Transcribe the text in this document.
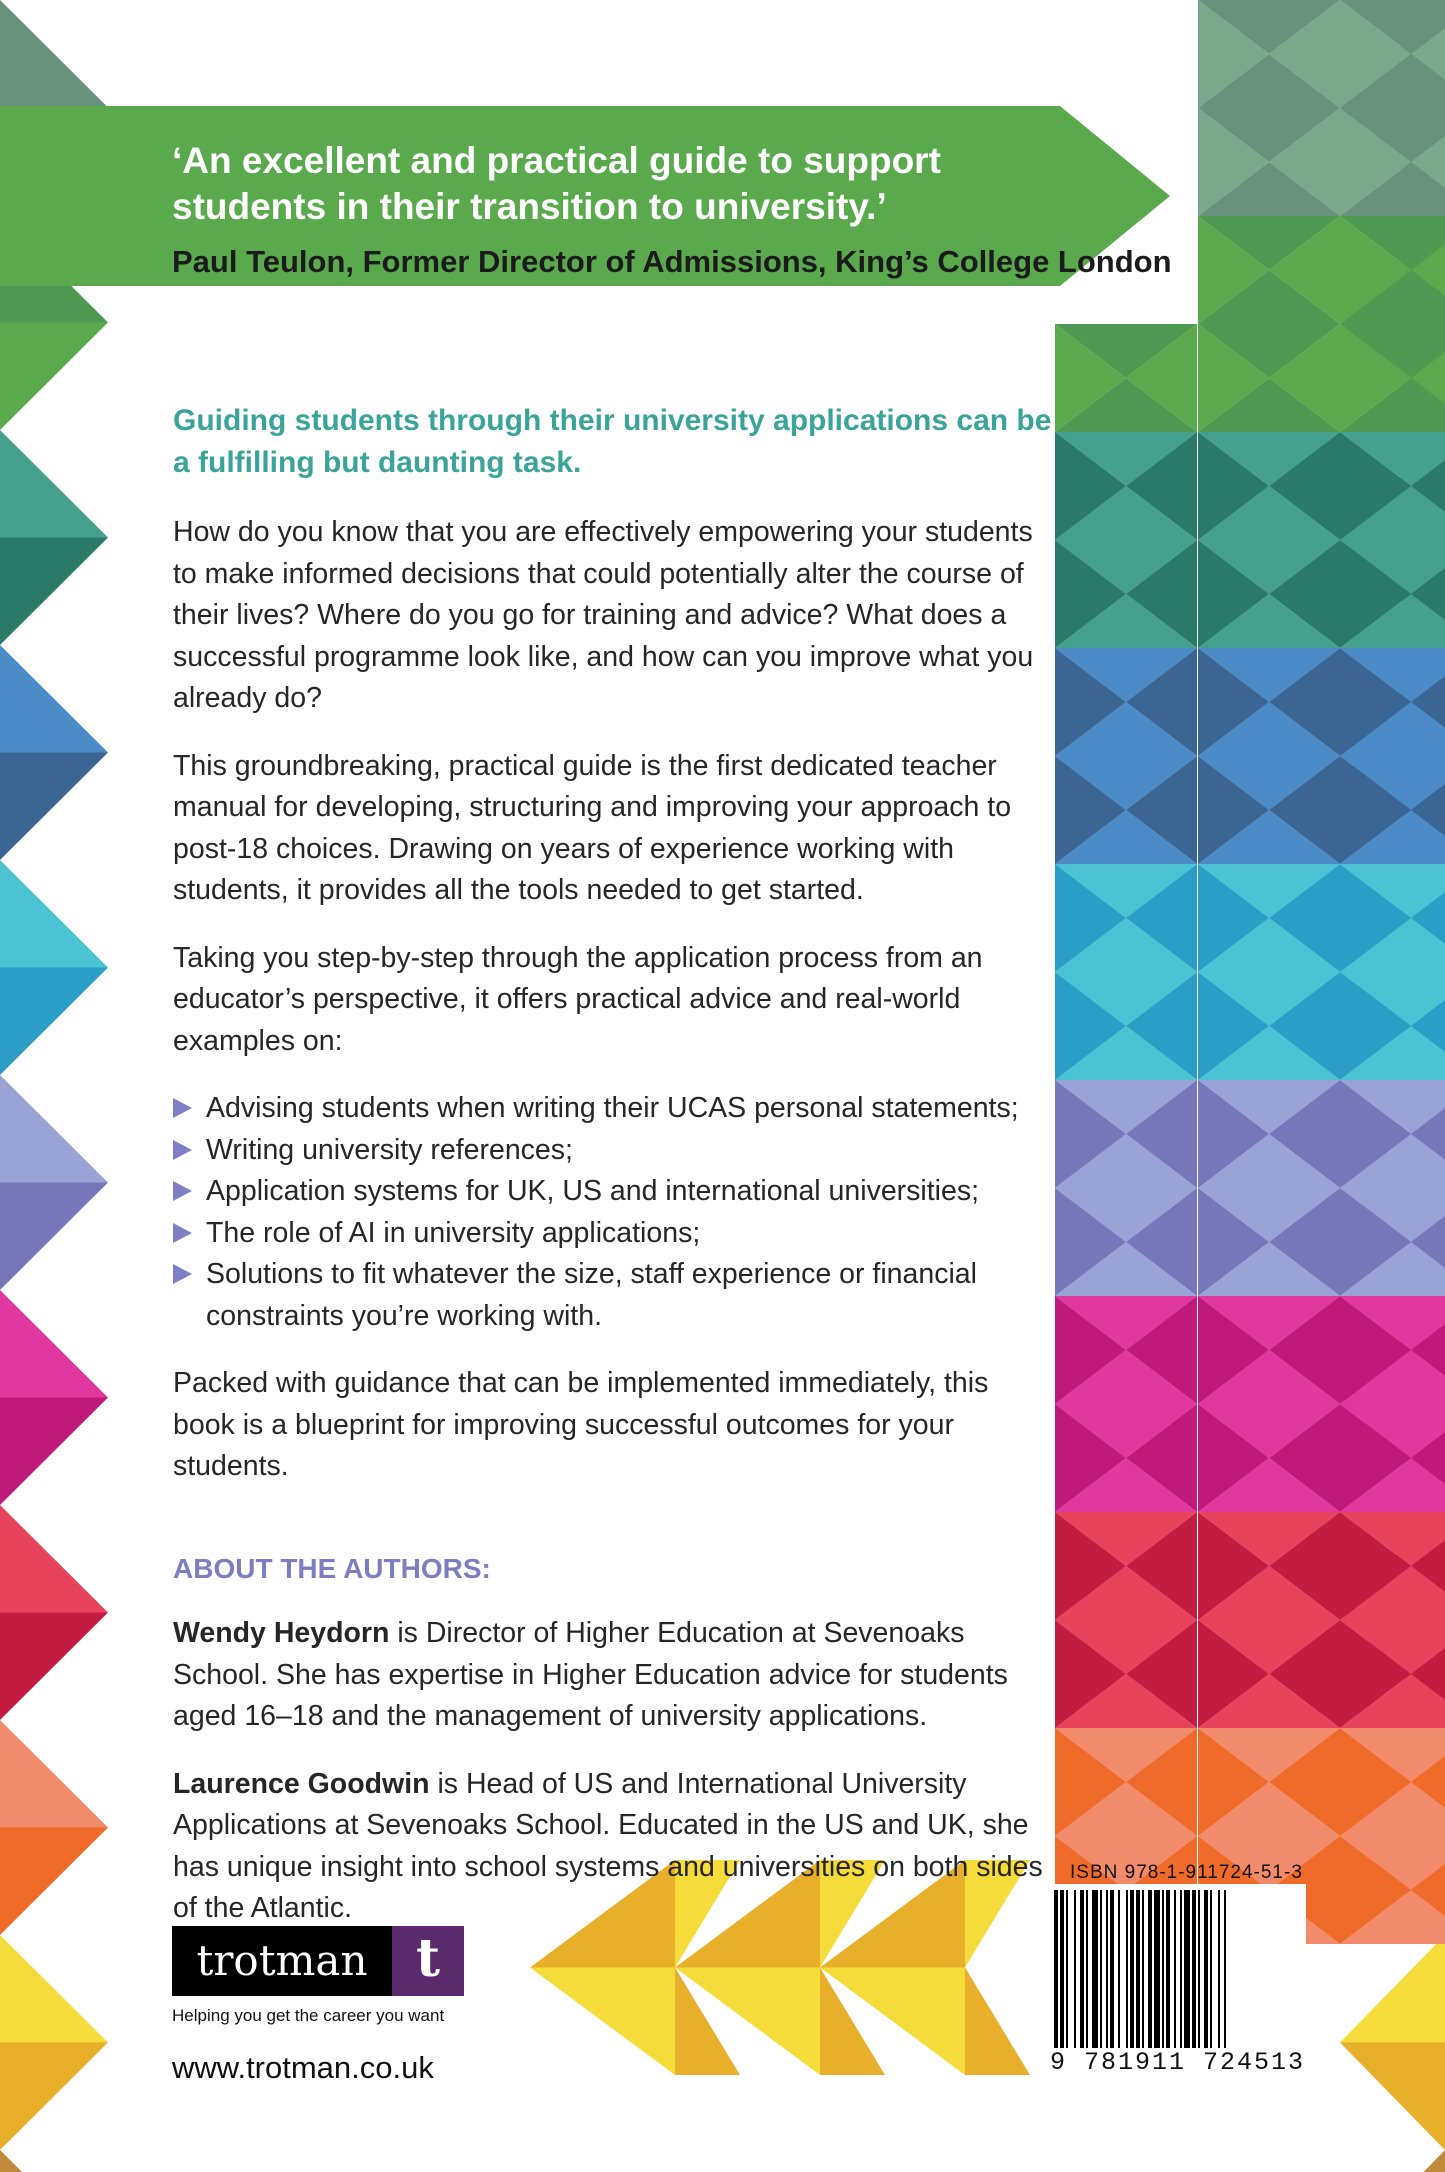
‘An excellent and practical guide to support students in their transition to university.’
Paul Teulon, Former Director of Admissions, King’s College London

Guiding students through their university applications can be a fulfilling but daunting task.

How do you know that you are effectively empowering your students to make informed decisions that could potentially alter the course of their lives? Where do you go for training and advice? What does a successful programme look like, and how can you improve what you already do?

This groundbreaking, practical guide is the first dedicated teacher manual for developing, structuring and improving your approach to post-18 choices. Drawing on years of experience working with students, it provides all the tools needed to get started.

Taking you step-by-step through the application process from an educator’s perspective, it offers practical advice and real-world examples on:

Advising students when writing their UCAS personal statements;
Writing university references;
Application systems for UK, US and international universities;
The role of AI in university applications;
Solutions to fit whatever the size, staff experience or financial constraints you’re working with.

Packed with guidance that can be implemented immediately, this book is a blueprint for improving successful outcomes for your students.

ABOUT THE AUTHORS:

Wendy Heydorn is Director of Higher Education at Sevenoaks School. She has expertise in Higher Education advice for students aged 16–18 and the management of university applications.

Laurence Goodwin is Head of US and International University Applications at Sevenoaks School. Educated in the US and UK, she has unique insight into school systems and universities on both sides of the Atlantic.

trotman t
Helping you get the career you want
www.trotman.co.uk
ISBN 978-1-911724-51-3
9 781911 724513
